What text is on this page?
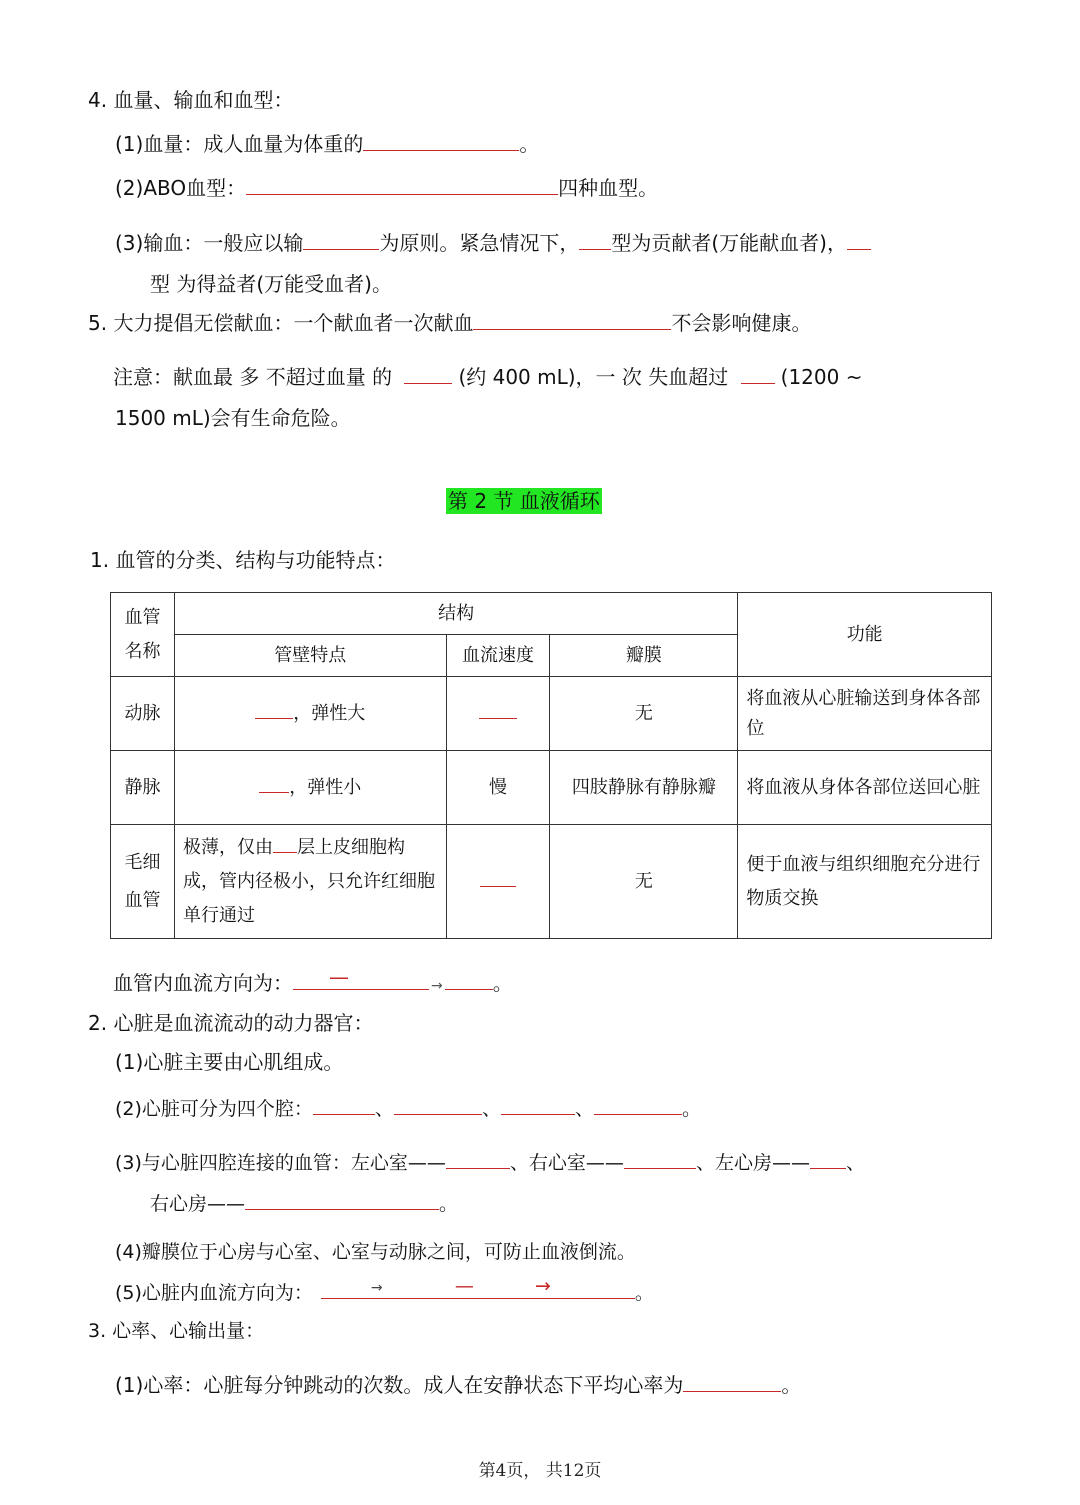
4. 血量、输血和血型：
(1)血量：成人血量为体重的	。
(2)ABO血型：	四种血型。
(3)输血：一般应以输	为原则。紧急情况下， 型为贡献者(万能献血者)，
型 为得益者(万能受血者)。
5. 大力提倡无偿献血：一个献血者一次献血	不会影响健康。
注意：献血最 多 不超过血量 的	(约 400 mL)，一 次 失血超过	(1200 ~
1500 mL)会有生命危险。
第 2 节 血液循环
1. 血管的分类、结构与功能特点：
血管名称	结构			功能
	管壁特点	血流速度	瓣膜	
动脉	，弹性大		无	将血液从心脏输送到身体各部位
静脉	，弹性小	慢	四肢静脉有静脉瓣	将血液从身体各部位送回心脏
毛细血管	极薄，仅由 层上皮细胞构成，管内径极小，只允许红细胞单行通过		无	便于血液与组织细胞充分进行物质交换
血管内血流方向为： —	→	。
2. 心脏是血流流动的动力器官：
(1)心脏主要由心肌组成。
(2)心脏可分为四个腔：	、	、	、	。
(3)与心脏四腔连接的血管：左心室——	、右心室——	、左心房—— 、
右心房——	。
(4)瓣膜位于心房与心室、心室与动脉之间，可防止血液倒流。
(5)心脏内血流方向为：	→	—	→	。
3. 心率、心输出量：
(1)心率：心脏每分钟跳动的次数。成人在安静状态下平均心率为	。
第4页， 共12页
